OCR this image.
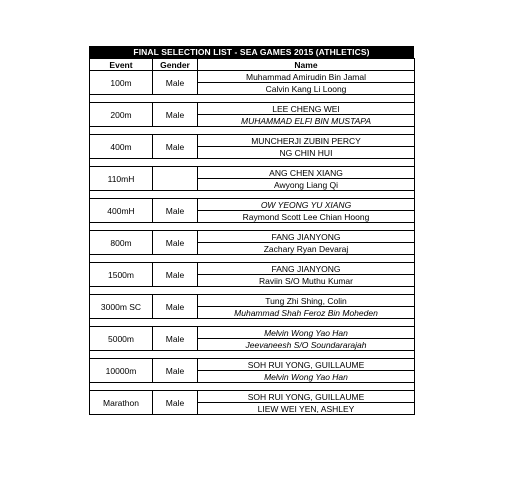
FINAL SELECTION LIST - SEA GAMES 2015 (ATHLETICS)
Event	Gender	Name
100m	Male	Muhammad Amirudin Bin Jamal
		Calvin Kang Li Loong

200m	Male	LEE CHENG WEI
		MUHAMMAD ELFI BIN MUSTAPA

400m	Male	MUNCHERJI ZUBIN PERCY
		NG CHIN HUI

110mH		ANG CHEN XIANG
		Awyong Liang Qi

400mH	Male	OW YEONG YU XIANG
		Raymond Scott Lee Chian Hoong

800m	Male	FANG JIANYONG
		Zachary Ryan Devaraj

1500m	Male	FANG JIANYONG
		Raviin S/O Muthu Kumar

3000m SC	Male	Tung Zhi Shing, Colin
		Muhammad Shah Feroz Bin Moheden

5000m	Male	Melvin Wong Yao Han
		Jeevaneesh S/O Soundararajah

10000m	Male	SOH RUI YONG, GUILLAUME
		Melvin Wong Yao Han

Marathon	Male	SOH RUI YONG, GUILLAUME
		LIEW WEI YEN, ASHLEY
